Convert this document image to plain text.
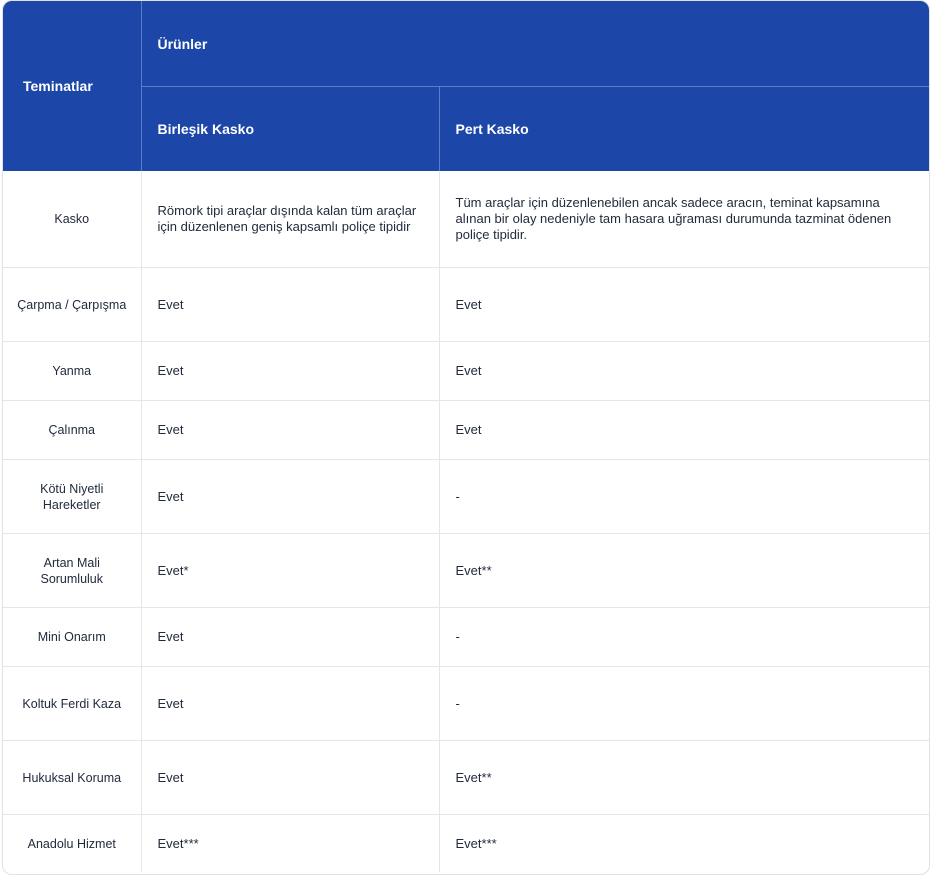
Teminatlar	Ürünler	
	Birleşik Kasko	Pert Kasko
Kasko	Römork tipi araçlar dışında kalan tüm araçlar için düzenlenen geniş kapsamlı poliçe tipidir	Tüm araçlar için düzenlenebilen ancak sadece aracın, teminat kapsamına alınan bir olay nedeniyle tam hasara uğraması durumunda tazminat ödenen poliçe tipidir.
Çarpma / Çarpışma	Evet	Evet
Yanma	Evet	Evet
Çalınma	Evet	Evet
Kötü Niyetli Hareketler	Evet	-
Artan Mali Sorumluluk	Evet*	Evet**
Mini Onarım	Evet	-
Koltuk Ferdi Kaza	Evet	-
Hukuksal Koruma	Evet	Evet**
Anadolu Hizmet	Evet***	Evet***
